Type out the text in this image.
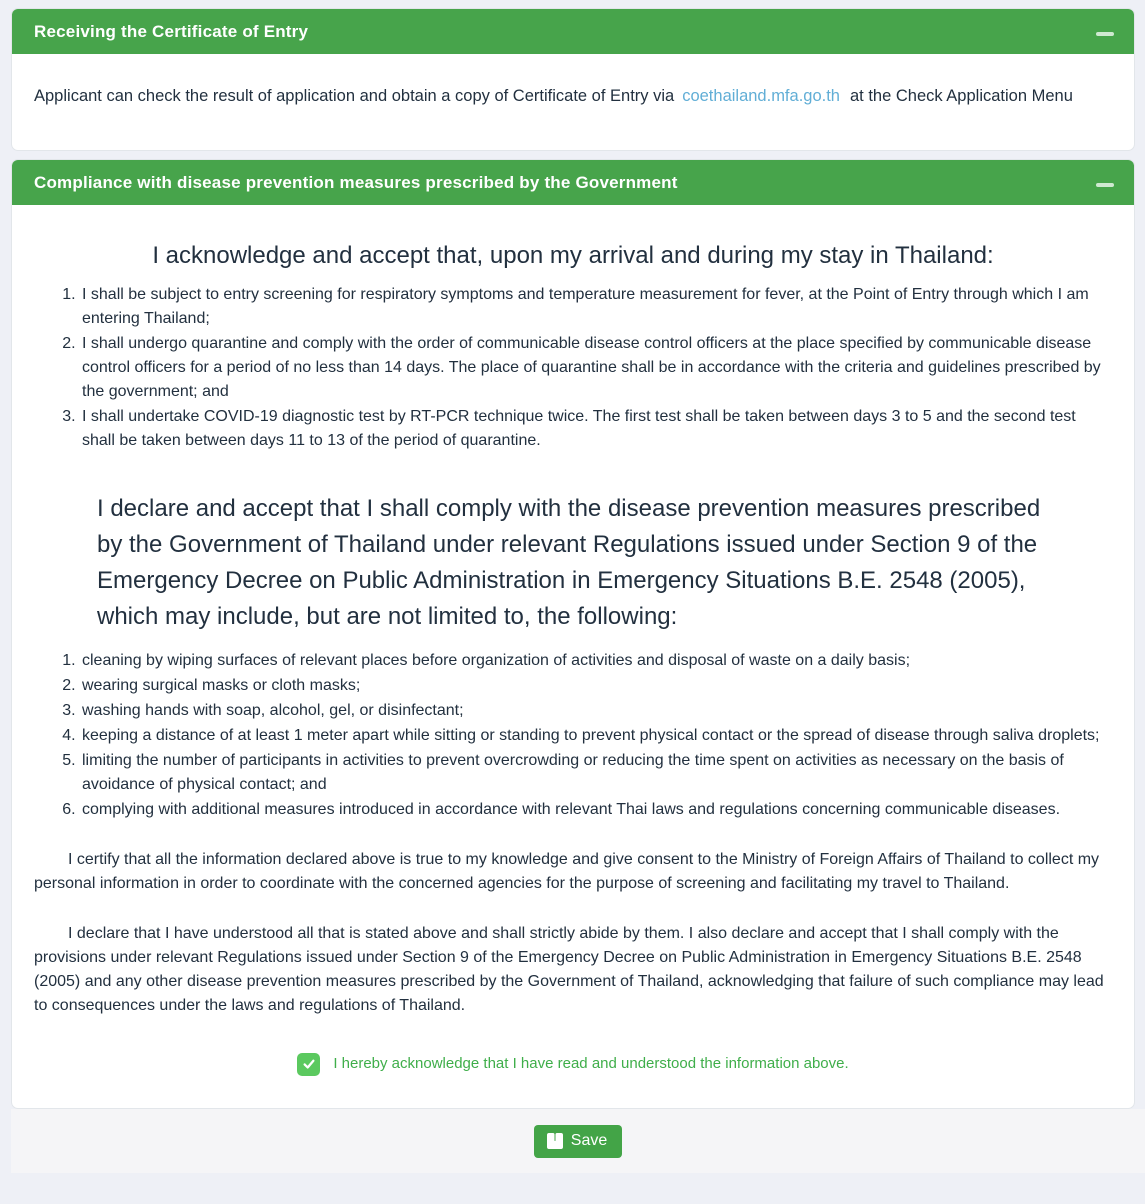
Receiving the Certificate of Entry

Applicant can check the result of application and obtain a copy of Certificate of Entry via coethailand.mfa.go.th at the Check Application Menu

Compliance with disease prevention measures prescribed by the Government
I acknowledge and accept that, upon my arrival and during my stay in Thailand:
1. I shall be subject to entry screening for respiratory symptoms and temperature measurement for fever, at the Point of Entry through which I am entering Thailand;
2. I shall undergo quarantine and comply with the order of communicable disease control officers at the place specified by communicable disease control officers for a period of no less than 14 days. The place of quarantine shall be in accordance with the criteria and guidelines prescribed by the government; and
3. I shall undertake COVID-19 diagnostic test by RT-PCR technique twice. The first test shall be taken between days 3 to 5 and the second test shall be taken between days 11 to 13 of the period of quarantine.
I declare and accept that I shall comply with the disease prevention measures prescribed by the Government of Thailand under relevant Regulations issued under Section 9 of the Emergency Decree on Public Administration in Emergency Situations B.E. 2548 (2005), which may include, but are not limited to, the following:
1. cleaning by wiping surfaces of relevant places before organization of activities and disposal of waste on a daily basis;
2. wearing surgical masks or cloth masks;
3. washing hands with soap, alcohol, gel, or disinfectant;
4. keeping a distance of at least 1 meter apart while sitting or standing to prevent physical contact or the spread of disease through saliva droplets;
5. limiting the number of participants in activities to prevent overcrowding or reducing the time spent on activities as necessary on the basis of avoidance of physical contact; and
6. complying with additional measures introduced in accordance with relevant Thai laws and regulations concerning communicable diseases.

I certify that all the information declared above is true to my knowledge and give consent to the Ministry of Foreign Affairs of Thailand to collect my personal information in order to coordinate with the concerned agencies for the purpose of screening and facilitating my travel to Thailand.

I declare that I have understood all that is stated above and shall strictly abide by them. I also declare and accept that I shall comply with the provisions under relevant Regulations issued under Section 9 of the Emergency Decree on Public Administration in Emergency Situations B.E. 2548 (2005) and any other disease prevention measures prescribed by the Government of Thailand, acknowledging that failure of such compliance may lead to consequences under the laws and regulations of Thailand.

I hereby acknowledge that I have read and understood the information above.
Save
